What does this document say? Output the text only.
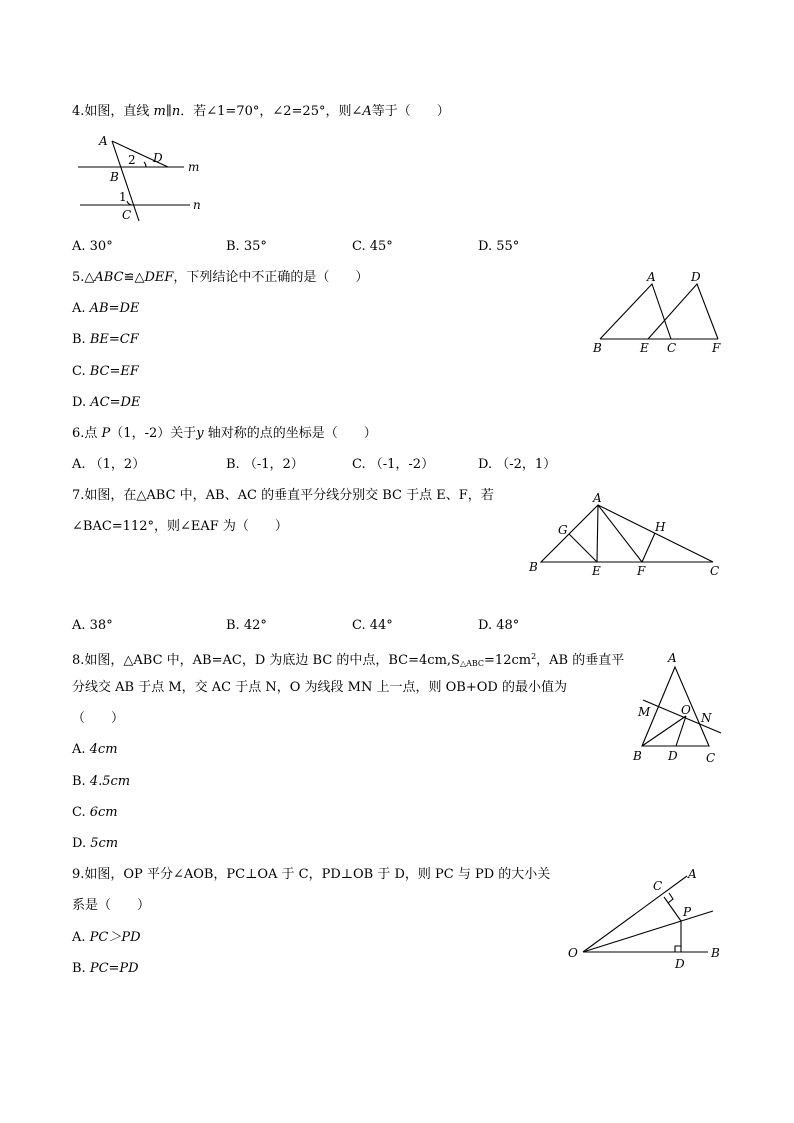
4.如图，直线 m∥n．若∠1=70°，∠2=25°，则∠A等于（　　）
A
2 D
m
B
1
n
C
A. 30°	B. 35°	C. 45°	D. 55°
5.△ABC≌△DEF，下列结论中不正确的是（　　）
A. AB=DE
B. BE=CF
C. BC=EF
D. AC=DE
A	D
B	E C	F
6.点 P（1，-2）关于y 轴对称的点的坐标是（　　）
A. （1，2）	B. （-1，2）	C. （-1，-2）	D. （-2，1）
7.如图，在△ABC 中，AB、AC 的垂直平分线分别交 BC 于点 E、F，若
∠BAC=112°，则∠EAF 为（　　）
A
G	H
B	E	F	C
A. 38°	B. 42°	C. 44°	D. 48°
8.如图，△ABC 中，AB=AC，D 为底边 BC 的中点，$BC=4cm,S_{\triangle ABC}=12cm^2$，AB 的垂直平
分线交 AB 于点 M，交 AC 于点 N，O 为线段 MN 上一点，则 OB+OD 的最小值为
（　　）
A. 4cm
B. 4.5cm
C. 6cm
D. 5cm
A
M	O
N
B D C
9.如图，OP 平分∠AOB，PC⊥OA 于 C，PD⊥OB 于 D，则 PC 与 PD 的大小关
系是（　　）
A. PC＞PD
B. PC=PD
A
C
P
O
D
B
